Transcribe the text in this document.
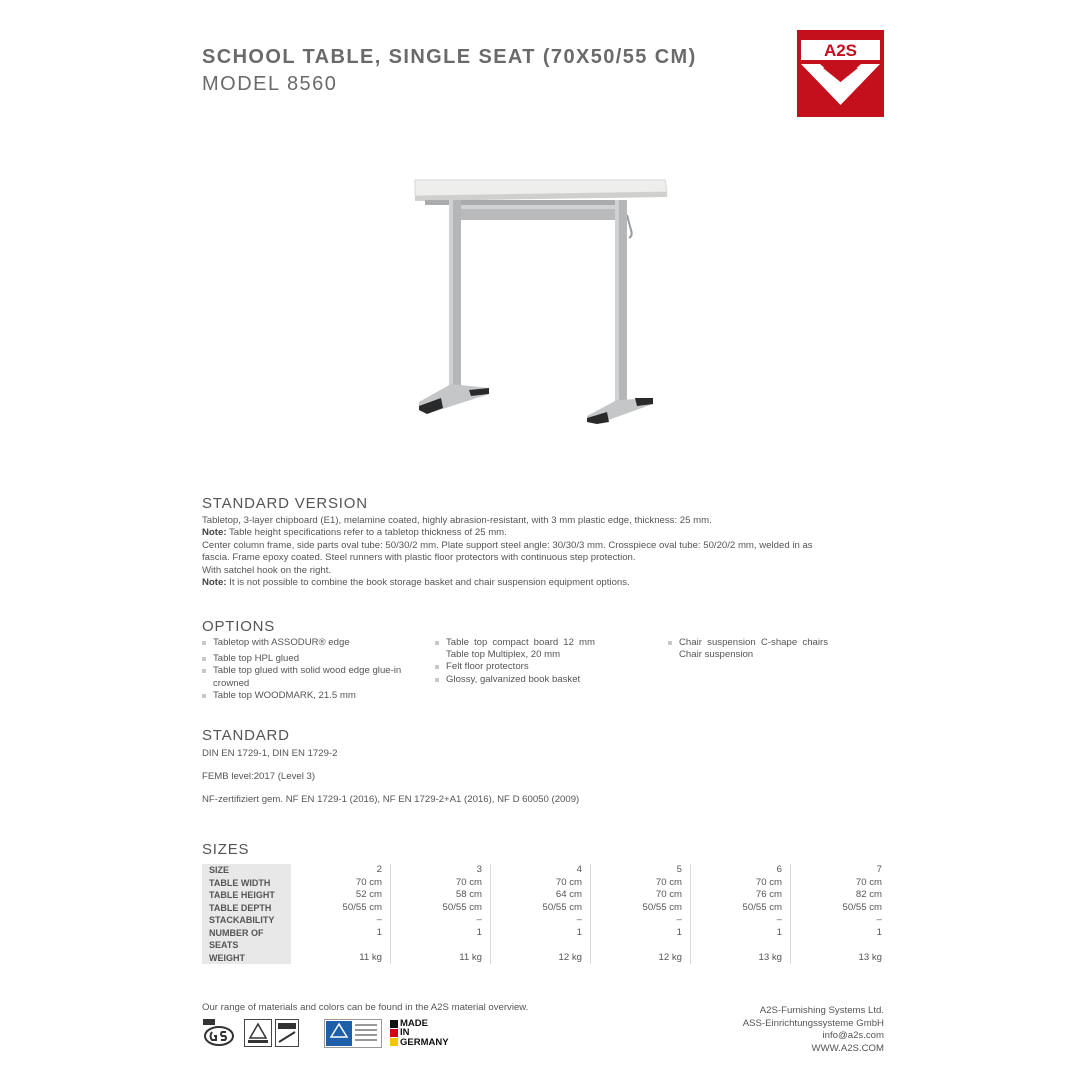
SCHOOL TABLE, SINGLE SEAT (70X50/55 CM)
MODEL 8560
A2S
STANDARD VERSION
Tabletop, 3-layer chipboard (E1), melamine coated, highly abrasion-resistant, with 3 mm plastic edge, thickness: 25 mm.
Note: Table height specifications refer to a tabletop thickness of 25 mm.
Center column frame, side parts oval tube: 50/30/2 mm. Plate support steel angle: 30/30/3 mm. Crosspiece oval tube: 50/20/2 mm, welded in as
fascia. Frame epoxy coated. Steel runners with plastic floor protectors with continuous step protection.
With satchel hook on the right.
Note: It is not possible to combine the book storage basket and chair suspension equipment options.
OPTIONS
Tabletop with ASSODUR® edge
Table top HPL glued
Table top glued with solid wood edge glue-in crowned
Table top WOODMARK, 21.5 mm
Table top compact board 12 mm Table top Multiplex, 20 mm
Felt floor protectors
Glossy, galvanized book basket
Chair suspension C-shape chairs Chair suspension
STANDARD
DIN EN 1729-1, DIN EN 1729-2
FEMB level:2017 (Level 3)
NF-zertifiziert gem. NF EN 1729-1 (2016), NF EN 1729-2+A1 (2016), NF D 60050 (2009)
SIZES
SIZE	2	3	4	5	6	7
TABLE WIDTH	70 cm	70 cm	70 cm	70 cm	70 cm	70 cm
TABLE HEIGHT	52 cm	58 cm	64 cm	70 cm	76 cm	82 cm
TABLE DEPTH	50/55 cm	50/55 cm	50/55 cm	50/55 cm	50/55 cm	50/55 cm
STACKABILITY	–	–	–	–	–	–
NUMBER OF SEATS	1	1	1	1	1	1
WEIGHT	11 kg	11 kg	12 kg	12 kg	13 kg	13 kg
Our range of materials and colors can be found in the A2S material overview.
MADE
IN
GERMANY
A2S-Furnishing Systems Ltd.
ASS-Einrichtungssysteme GmbH
info@a2s.com
WWW.A2S.COM
